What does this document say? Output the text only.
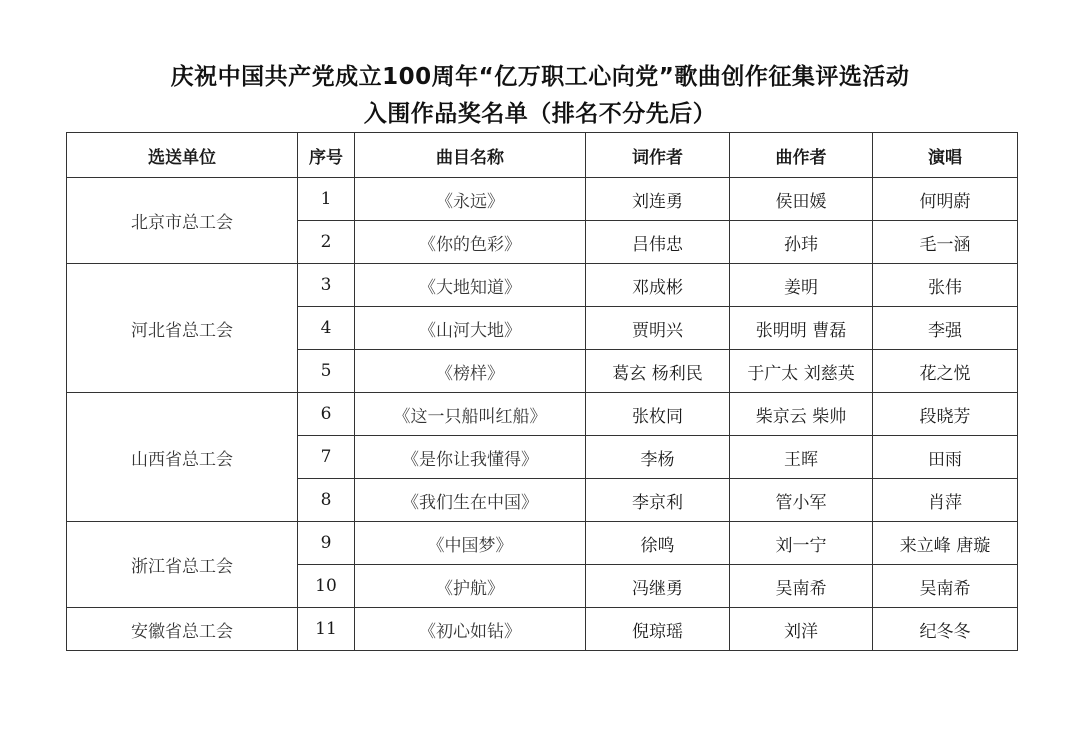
庆祝中国共产党成立100周年“亿万职工心向党”歌曲创作征集评选活动
入围作品奖名单（排名不分先后）
选送单位	序号	曲目名称	词作者	曲作者	演唱
北京市总工会	1	《永远》	刘连勇	侯田媛	何明蔚
	2	《你的色彩》	吕伟忠	孙玮	毛一涵
河北省总工会	3	《大地知道》	邓成彬	姜明	张伟
	4	《山河大地》	贾明兴	张明明 曹磊	李强
	5	《榜样》	葛玄 杨利民	于广太 刘慈英	花之悦
山西省总工会	6	《这一只船叫红船》	张枚同	柴京云 柴帅	段晓芳
	7	《是你让我懂得》	李杨	王晖	田雨
	8	《我们生在中国》	李京利	管小军	肖萍
浙江省总工会	9	《中国梦》	徐鸣	刘一宁	来立峰 唐璇
	10	《护航》	冯继勇	吴南希	吴南希
安徽省总工会	11	《初心如钻》	倪琼瑶	刘洋	纪冬冬
